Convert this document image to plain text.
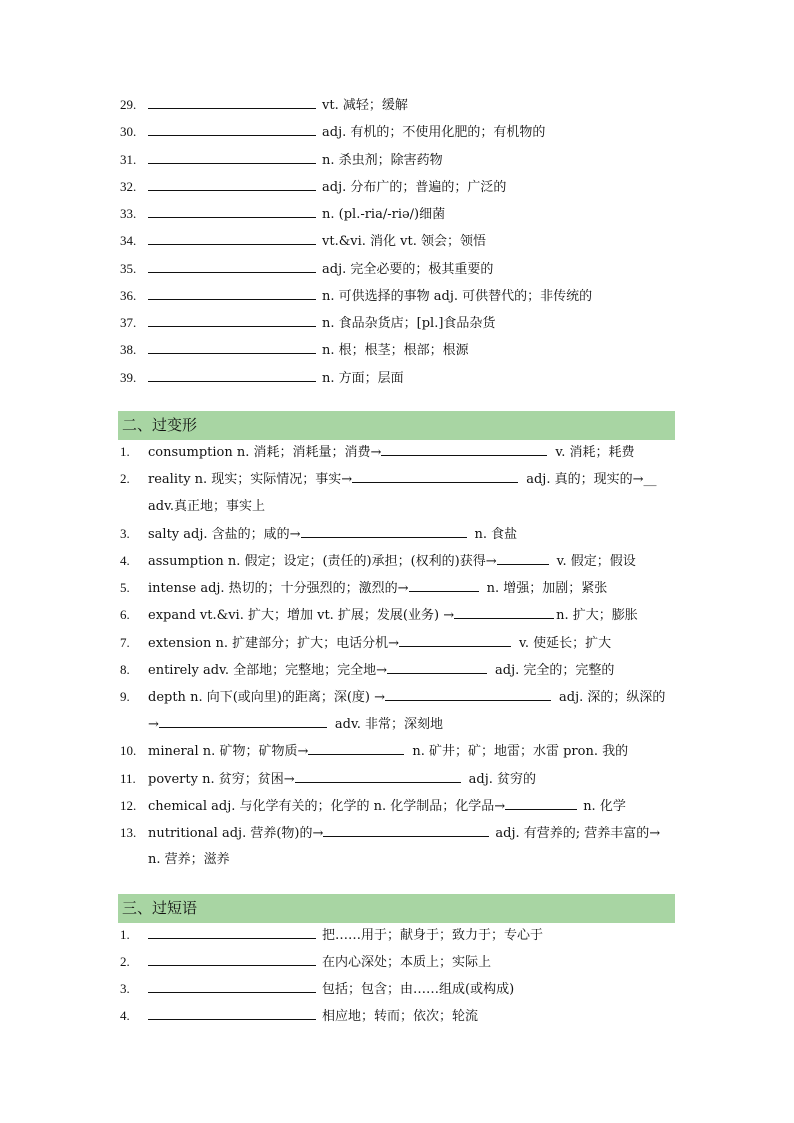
29.	vt. 减轻；缓解
30.	adj. 有机的；不使用化肥的；有机物的
31.	n. 杀虫剂；除害药物
32.	adj. 分布广的；普遍的；广泛的
33.	n. (pl.-ria/-riə/)细菌
34.	vt.&vi. 消化 vt. 领会；领悟
35.	adj. 完全必要的；极其重要的
36.	n. 可供选择的事物 adj. 可供替代的；非传统的
37.	n. 食品杂货店；[pl.]食品杂货
38.	n. 根；根茎；根部；根源
39.	n. 方面；层面
二、过变形
1. consumption n. 消耗；消耗量；消费→	v. 消耗；耗费
2. reality n. 现实；实际情况；事实→	adj. 真的；现实的→__
adv.真正地；事实上
3. salty adj. 含盐的；咸的→	n. 食盐
4. assumption n. 假定；设定；(责任的)承担；(权利的)获得→	v. 假定；假设
5. intense adj. 热切的；十分强烈的；激烈的→	n. 增强；加剧；紧张
6. expand vt.&vi. 扩大；增加 vt. 扩展；发展(业务) →	n. 扩大；膨胀
7. extension n. 扩建部分；扩大；电话分机→	v. 使延长；扩大
8. entirely adv. 全部地；完整地；完全地→	adj. 完全的；完整的
9. depth n. 向下(或向里)的距离；深(度) →	adj. 深的；纵深的
→	adv. 非常；深刻地
10. mineral n. 矿物；矿物质→	n. 矿井；矿；地雷；水雷 pron. 我的
11. poverty n. 贫穷；贫困→	adj. 贫穷的
12. chemical adj. 与化学有关的；化学的 n. 化学制品；化学品→	n. 化学
13. nutritional adj. 营养(物)的→	adj. 有营养的; 营养丰富的→
n. 营养；滋养
三、过短语
1.	把……用于；献身于；致力于；专心于
2.	在内心深处；本质上；实际上
3.	包括；包含；由……组成(或构成)
4.	相应地；转而；依次；轮流
